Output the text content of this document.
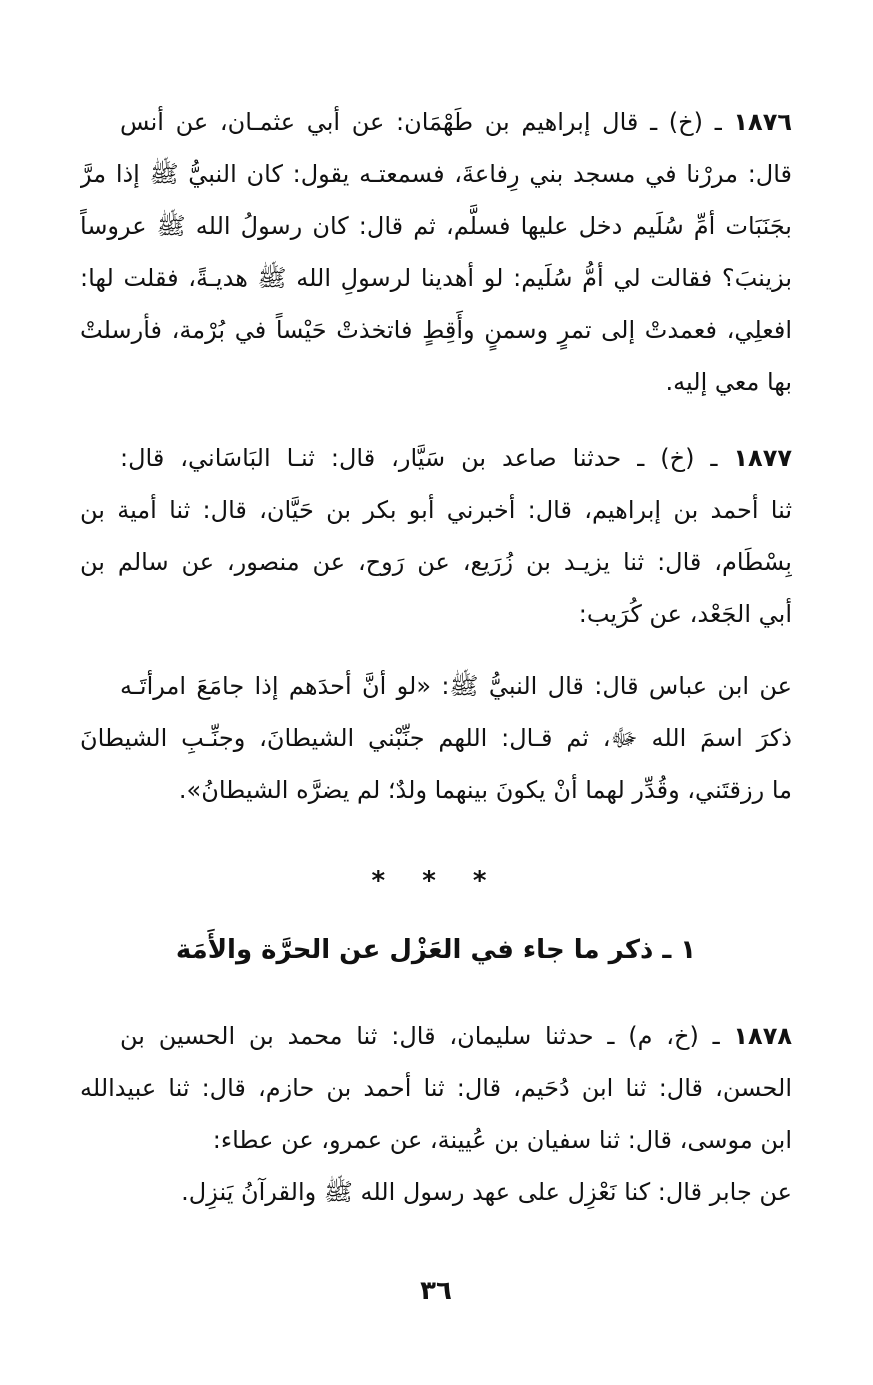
١٨٧٦ ـ (خ) ـ قال إبراهيم بن طَهْمَان: عن أبي عثمـان، عن أنس
قال: مررْنا في مسجد بني رِفاعةَ، فسمعتـه يقول: كان النبيُّ ﷺ إذا مرَّ
بجَنَبَات أمِّ سُلَيم دخل عليها فسلَّم، ثم قال: كان رسولُ الله ﷺ عروساً
بزينبَ؟ فقالت لي أمُّ سُلَيم: لو أهدينا لرسولِ الله ﷺ هديـةً، فقلت لها:
افعلِي، فعمدتْ إلى تمرٍ وسمنٍ وأَقِطٍ فاتخذتْ حَيْساً في بُرْمة، فأرسلتْ
بها معي إليه.
١٨٧٧ ـ (خ) ـ حدثنا صاعد بن سَيَّار، قال: ثنـا البَاسَاني، قال:
ثنا أحمد بن إبراهيم، قال: أخبرني أبو بكر بن حَيَّان، قال: ثنا أمية بن
بِسْطَام، قال: ثنا يزيـد بن زُرَيع، عن رَوح، عن منصور، عن سالم بن
أبي الجَعْد، عن كُرَيب:
عن ابن عباس قال: قال النبيُّ ﷺ: «لو أنَّ أحدَهم إذا جامَعَ امرأتَـه
ذكرَ اسمَ الله ﷻ، ثم قـال: اللهم جنِّبْني الشيطانَ، وجنِّـبِ الشيطانَ
ما رزقتَني، وقُدِّر لهما أنْ يكونَ بينهما ولدٌ؛ لم يضرَّه الشيطانُ».
* * *
١ ـ ذكر ما جاء في العَزْل عن الحرَّة والأَمَة
١٨٧٨ ـ (خ، م) ـ حدثنا سليمان، قال: ثنا محمد بن الحسين بن
الحسن، قال: ثنا ابن دُحَيم، قال: ثنا أحمد بن حازم، قال: ثنا عبيدالله
ابن موسى، قال: ثنا سفيان بن عُيينة، عن عمرو، عن عطاء:
عن جابر قال: كنا نَعْزِل على عهد رسول الله ﷺ والقرآنُ يَنزِل.
٣٦
